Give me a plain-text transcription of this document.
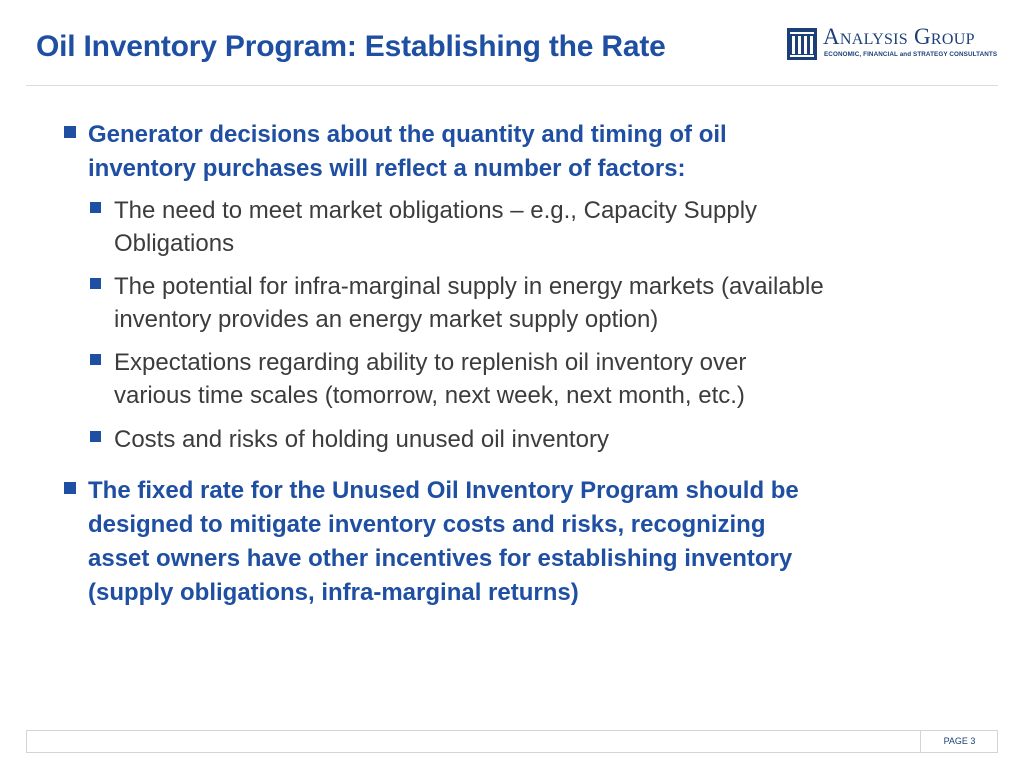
Oil Inventory Program: Establishing the Rate	Analysis Group
ECONOMIC, FINANCIAL and STRATEGY CONSULTANTS
Generator decisions about the quantity and timing of oil
inventory purchases will reflect a number of factors:
The need to meet market obligations – e.g., Capacity Supply
Obligations
The potential for infra-marginal supply in energy markets (available
inventory provides an energy market supply option)
Expectations regarding ability to replenish oil inventory over
various time scales (tomorrow, next week, next month, etc.)
Costs and risks of holding unused oil inventory
The fixed rate for the Unused Oil Inventory Program should be
designed to mitigate inventory costs and risks, recognizing
asset owners have other incentives for establishing inventory
(supply obligations, infra-marginal returns)
PAGE 3
